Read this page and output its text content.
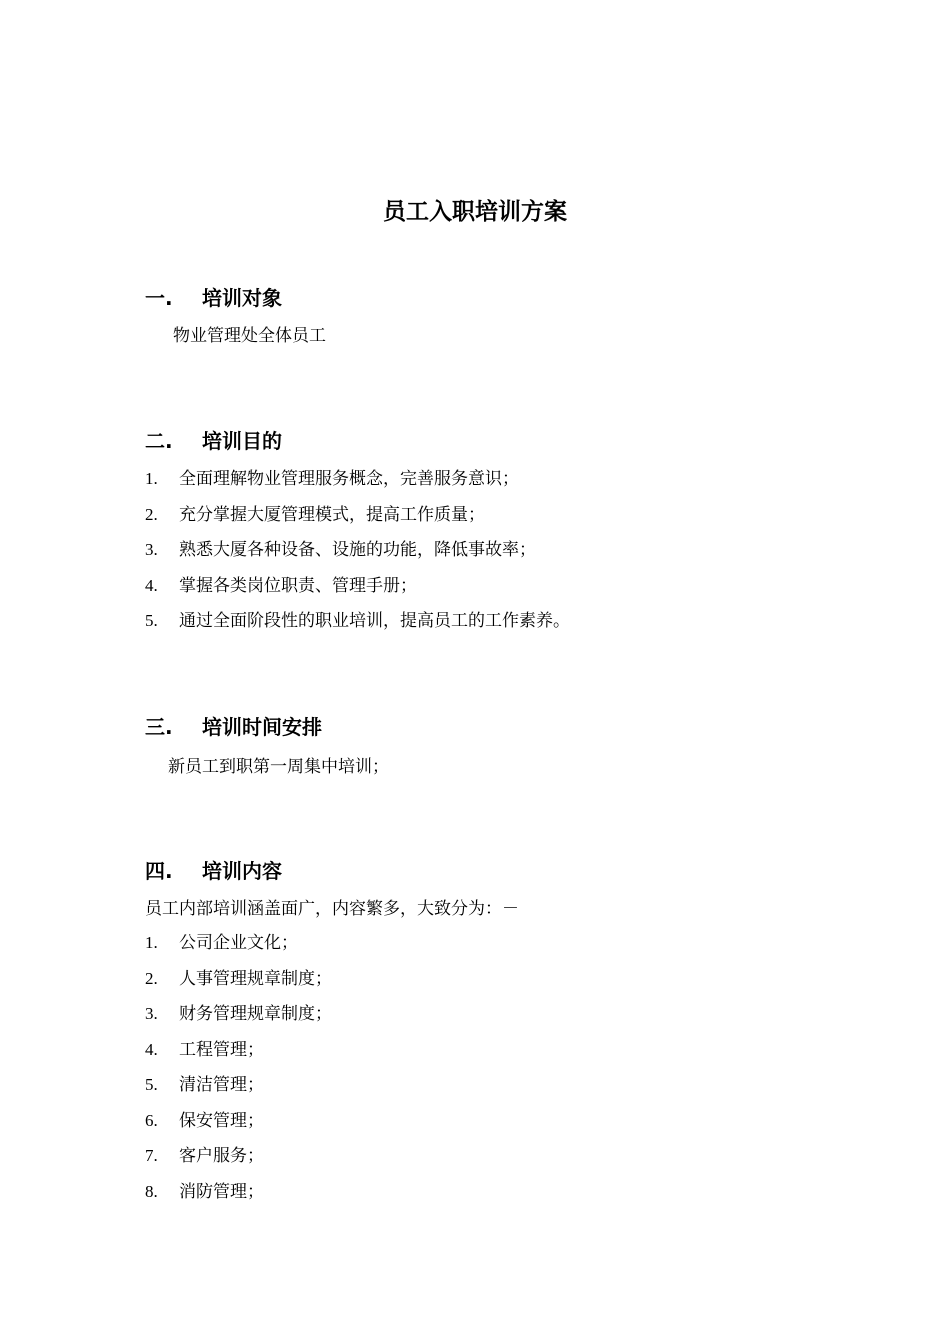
员工入职培训方案
一. 培训对象
物业管理处全体员工
二. 培训目的
1. 全面理解物业管理服务概念，完善服务意识；
2. 充分掌握大厦管理模式，提高工作质量；
3. 熟悉大厦各种设备、设施的功能，降低事故率；
4. 掌握各类岗位职责、管理手册；
5. 通过全面阶段性的职业培训，提高员工的工作素养。
三. 培训时间安排
新员工到职第一周集中培训；
四. 培训内容
员工内部培训涵盖面广，内容繁多，大致分为：－
1. 公司企业文化；
2. 人事管理规章制度；
3. 财务管理规章制度；
4. 工程管理；
5. 清洁管理；
6. 保安管理；
7. 客户服务；
8. 消防管理；
